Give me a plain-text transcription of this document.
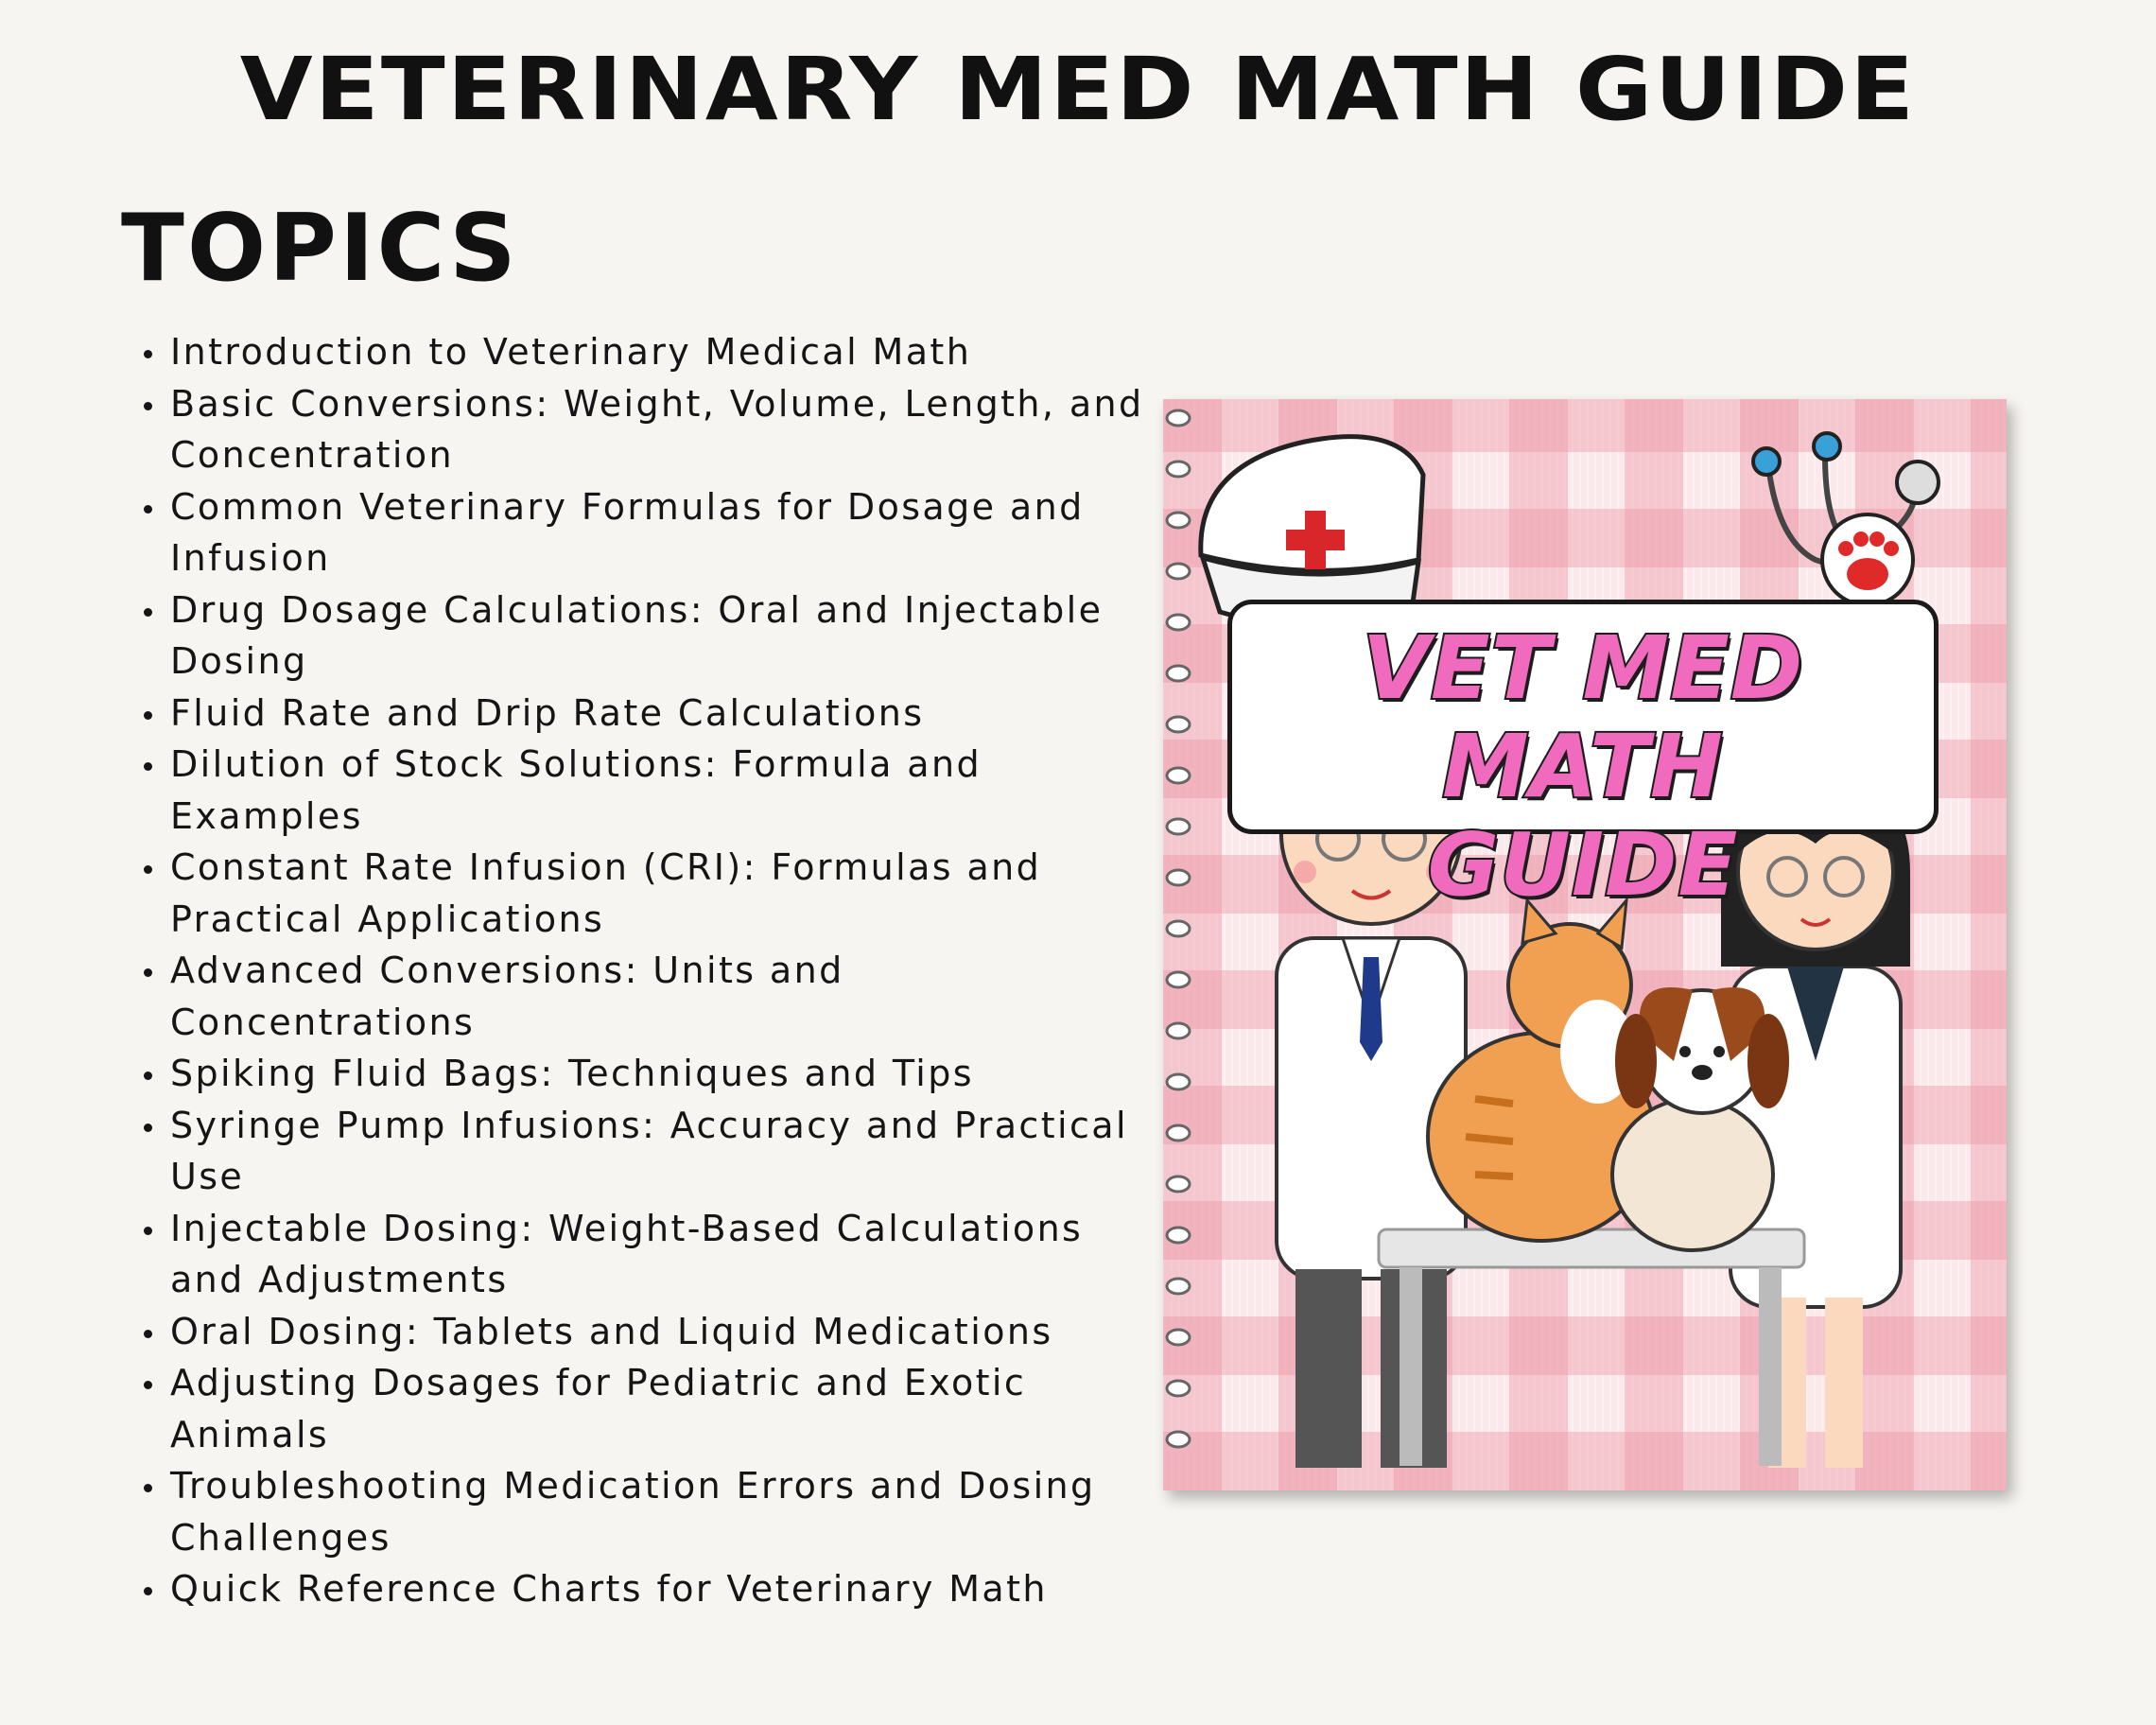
VETERINARY MED MATH GUIDE
TOPICS
Introduction to Veterinary Medical Math
Basic Conversions: Weight, Volume, Length, and Concentration
Common Veterinary Formulas for Dosage and Infusion
Drug Dosage Calculations: Oral and Injectable Dosing
Fluid Rate and Drip Rate Calculations
Dilution of Stock Solutions: Formula and Examples
Constant Rate Infusion (CRI): Formulas and Practical Applications
Advanced Conversions: Units and Concentrations
Spiking Fluid Bags: Techniques and Tips
Syringe Pump Infusions: Accuracy and Practical Use
Injectable Dosing: Weight-Based Calculations and Adjustments
Oral Dosing: Tablets and Liquid Medications
Adjusting Dosages for Pediatric and Exotic Animals
Troubleshooting Medication Errors and Dosing Challenges
Quick Reference Charts for Veterinary Math
VET MED MATH
GUIDE
